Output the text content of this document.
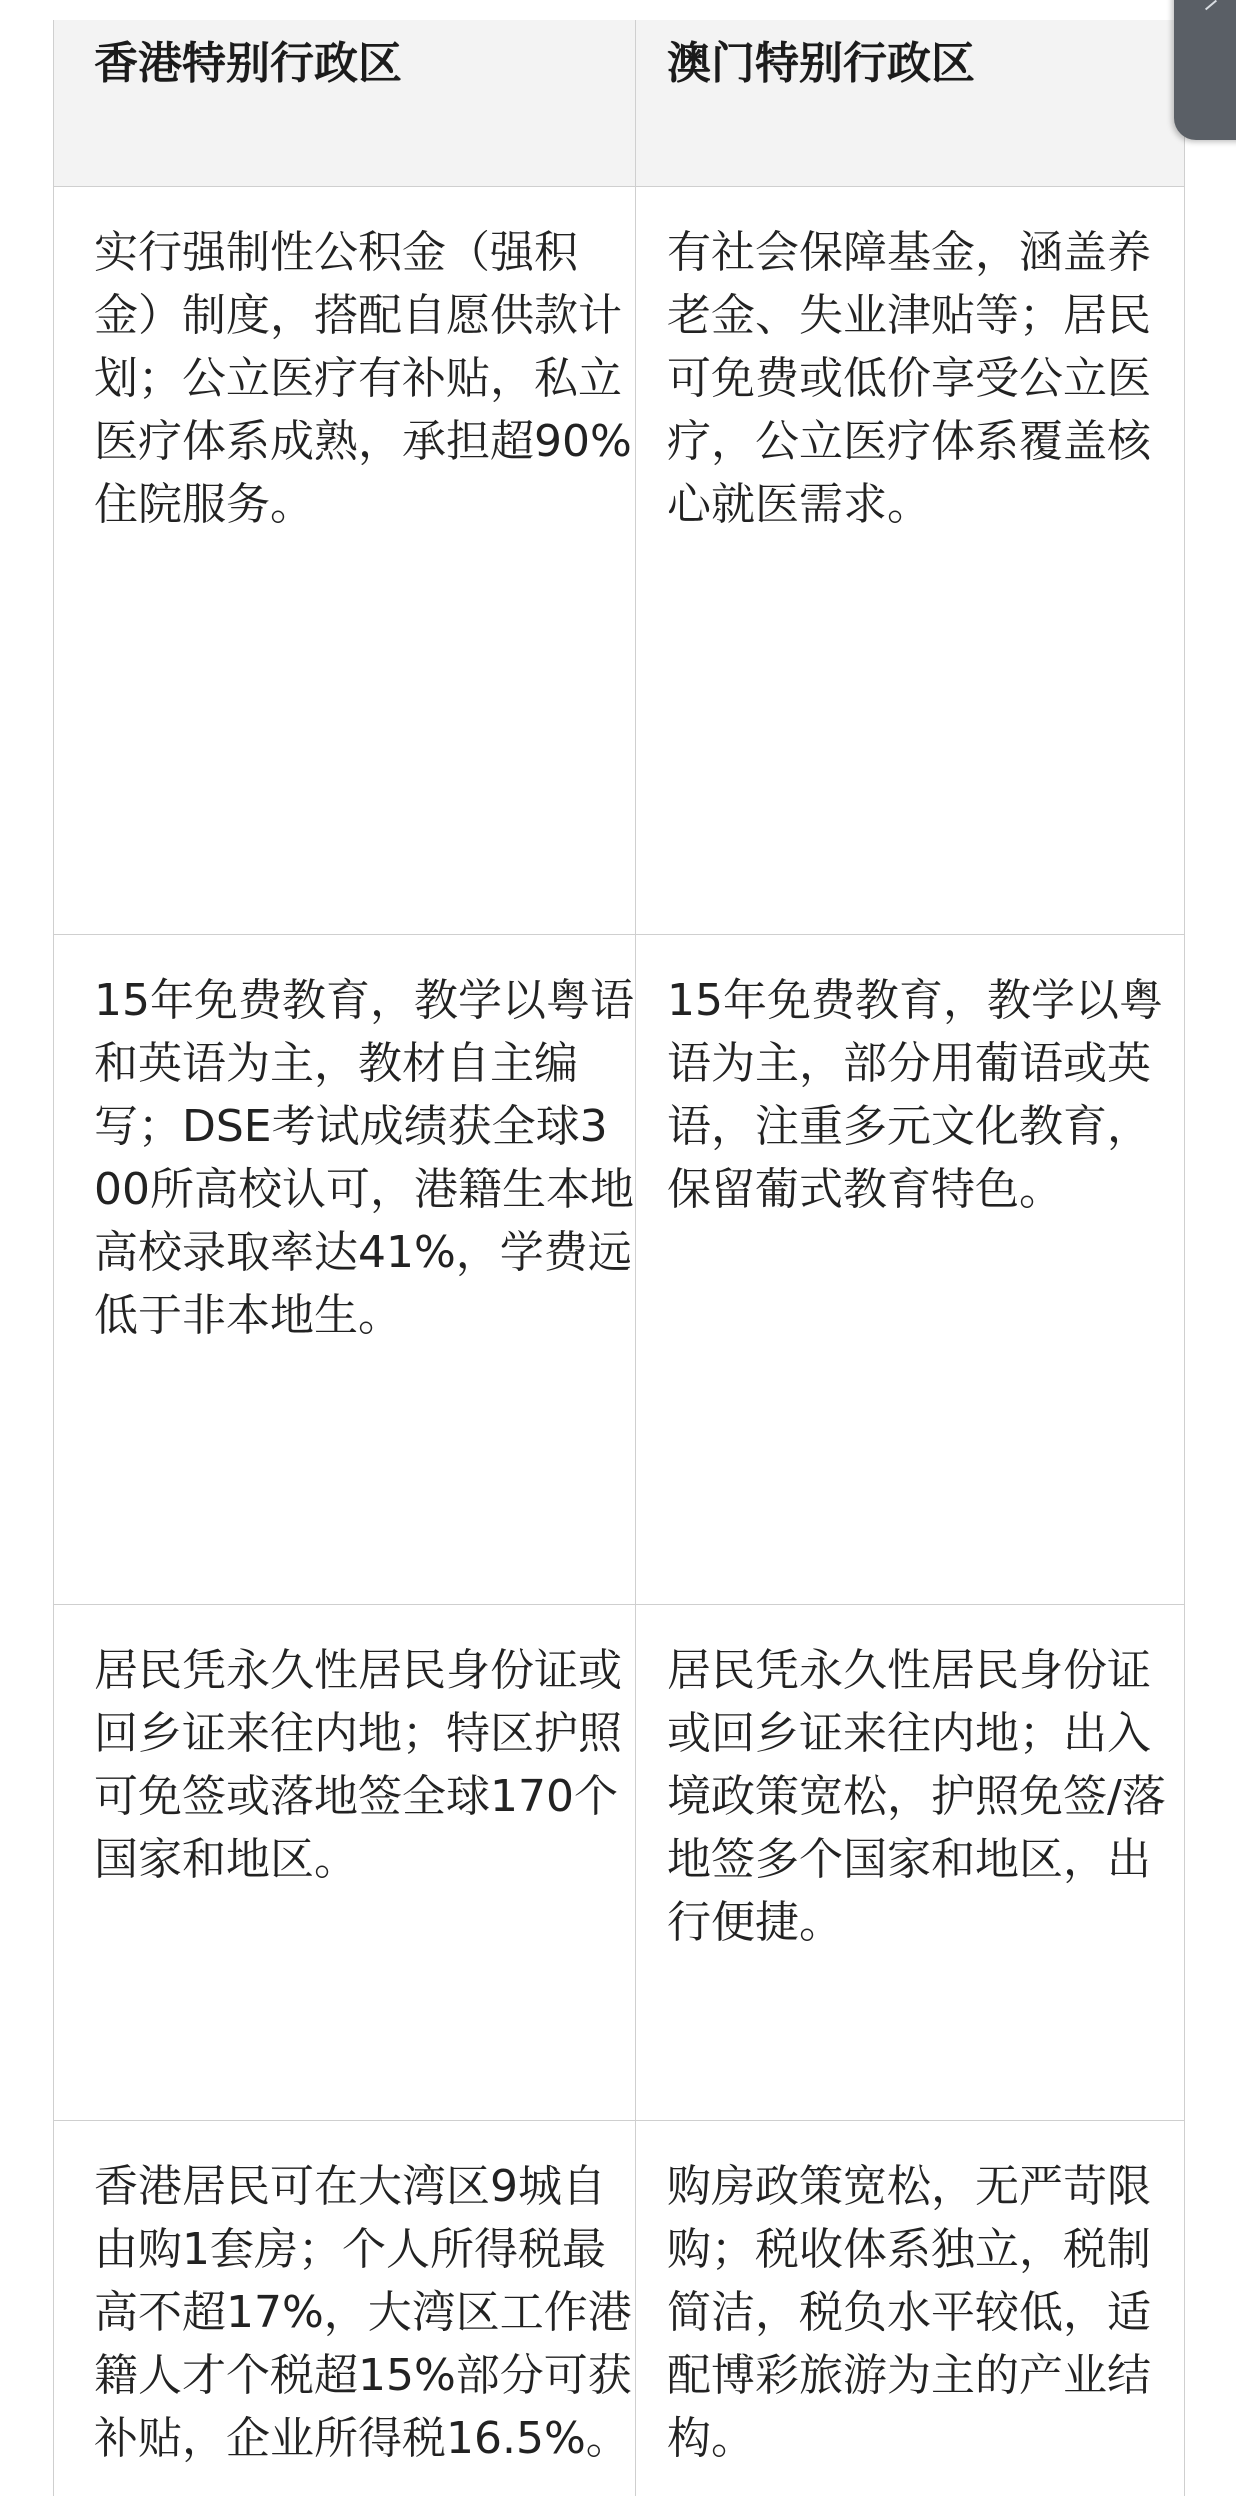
香港特别行政区	澳门特别行政区
实行强制性公积金（强积金）制度，搭配自愿供款计划；公立医疗有补贴，私立医疗体系成熟，承担超90%住院服务。
有社会保障基金，涵盖养老金、失业津贴等；居民可免费或低价享受公立医疗，公立医疗体系覆盖核心就医需求。
15年免费教育，教学以粤语和英语为主，教材自主编写；DSE考试成绩获全球300所高校认可，港籍生本地高校录取率达41%，学费远低于非本地生。
15年免费教育，教学以粤语为主，部分用葡语或英语，注重多元文化教育，保留葡式教育特色。
居民凭永久性居民身份证或回乡证来往内地；特区护照可免签或落地签全球170个国家和地区。
居民凭永久性居民身份证或回乡证来往内地；出入境政策宽松，护照免签/落地签多个国家和地区，出行便捷。
香港居民可在大湾区9城自由购1套房；个人所得税最高不超17%，大湾区工作港籍人才个税超15%部分可获补贴，企业所得税16.5%。
购房政策宽松，无严苛限购；税收体系独立，税制简洁，税负水平较低，适配博彩旅游为主的产业结构。
